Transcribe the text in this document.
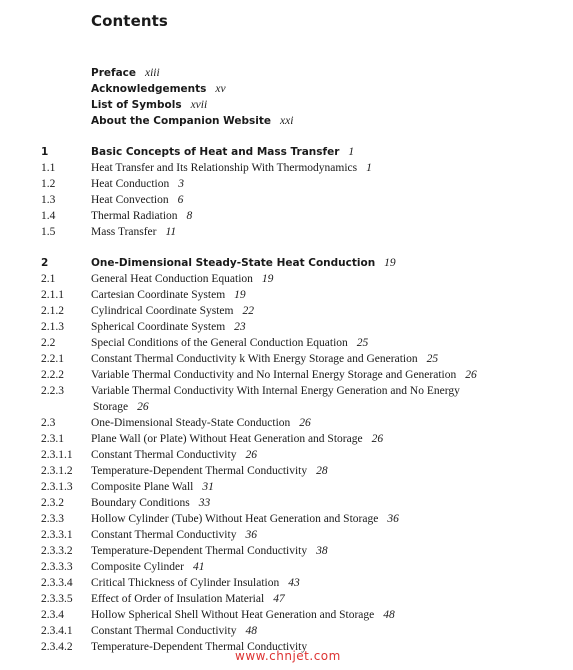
Contents
Preface xiii
Acknowledgements xv
List of Symbols xvii
About the Companion Website xxi
1	Basic Concepts of Heat and Mass Transfer 1
1.1	Heat Transfer and Its Relationship With Thermodynamics 1
1.2	Heat Conduction 3
1.3	Heat Convection 6
1.4	Thermal Radiation 8
1.5	Mass Transfer 11
2	One-Dimensional Steady-State Heat Conduction 19
2.1	General Heat Conduction Equation 19
2.1.1 Cartesian Coordinate System 19
2.1.2 Cylindrical Coordinate System 22
2.1.3 Spherical Coordinate System 23
2.2	Special Conditions of the General Conduction Equation 25
2.2.1 Constant Thermal Conductivity k With Energy Storage and Generation 25
2.2.2 Variable Thermal Conductivity and No Internal Energy Storage and Generation 26
2.2.3 Variable Thermal Conductivity With Internal Energy Generation and No Energy
Storage 26
2.3	One-Dimensional Steady-State Conduction 26
2.3.1 Plane Wall (or Plate) Without Heat Generation and Storage 26
2.3.1.1 Constant Thermal Conductivity 26
2.3.1.2 Temperature-Dependent Thermal Conductivity 28
2.3.1.3 Composite Plane Wall 31
2.3.2 Boundary Conditions 33
2.3.3 Hollow Cylinder (Tube) Without Heat Generation and Storage 36
2.3.3.1 Constant Thermal Conductivity 36
2.3.3.2 Temperature-Dependent Thermal Conductivity 38
2.3.3.3 Composite Cylinder 41
2.3.3.4 Critical Thickness of Cylinder Insulation 43
2.3.3.5 Effect of Order of Insulation Material 47
2.3.4 Hollow Spherical Shell Without Heat Generation and Storage 48
2.3.4.1 Constant Thermal Conductivity 48
2.3.4.2 Temperature-Dependent Thermal Conductivity
www.chnjet.com
